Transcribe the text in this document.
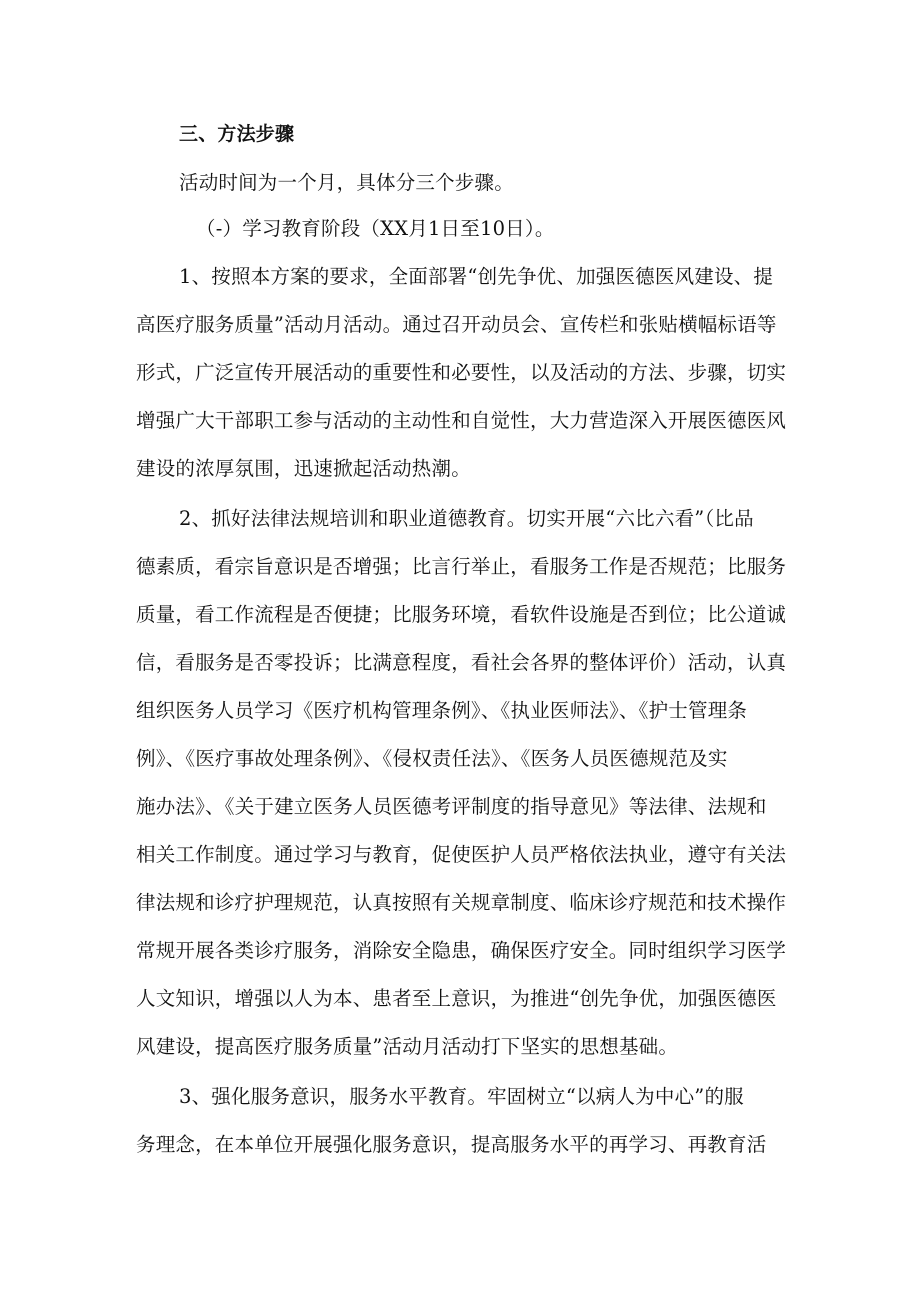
三、方法步骤
活动时间为一个月，具体分三个步骤。
（-）学习教育阶段（XX月1日至10日）。
1、按照本方案的要求，全面部署“创先争优、加强医德医风建设、提
高医疗服务质量”活动月活动。通过召开动员会、宣传栏和张贴横幅标语等
形式，广泛宣传开展活动的重要性和必要性，以及活动的方法、步骤，切实
增强广大干部职工参与活动的主动性和自觉性，大力营造深入开展医德医风
建设的浓厚氛围，迅速掀起活动热潮。
2、抓好法律法规培训和职业道德教育。切实开展“六比六看”（比品
德素质，看宗旨意识是否增强；比言行举止，看服务工作是否规范；比服务
质量，看工作流程是否便捷；比服务环境，看软件设施是否到位；比公道诚
信，看服务是否零投诉；比满意程度，看社会各界的整体评价）活动，认真
组织医务人员学习《医疗机构管理条例》、《执业医师法》、《护士管理条
例》、《医疗事故处理条例》、《侵权责任法》、《医务人员医德规范及实
施办法》、《关于建立医务人员医德考评制度的指导意见》等法律、法规和
相关工作制度。通过学习与教育，促使医护人员严格依法执业，遵守有关法
律法规和诊疗护理规范，认真按照有关规章制度、临床诊疗规范和技术操作
常规开展各类诊疗服务，消除安全隐患，确保医疗安全。同时组织学习医学
人文知识，增强以人为本、患者至上意识，为推进“创先争优，加强医德医
风建设，提高医疗服务质量”活动月活动打下坚实的思想基础。
3、强化服务意识，服务水平教育。牢固树立“以病人为中心”的服
务理念，在本单位开展强化服务意识，提高服务水平的再学习、再教育活
